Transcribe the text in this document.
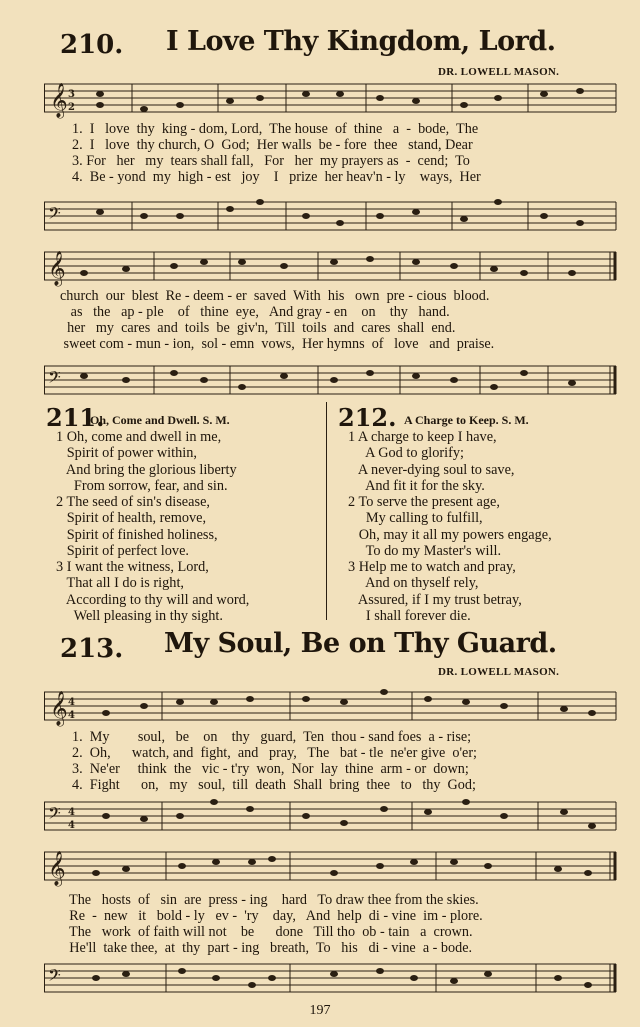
210. I Love Thy Kingdom, Lord.
DR. LOWELL MASON.
𝄞 3
2
1.  I   love  thy  king - dom, Lord,  The house  of  thine   a  -  bode,  The
2.  I   love  thy church, O  God;  Her walls  be - fore  thee   stand, Dear
3. For   her   my  tears shall fall,   For   her  my prayers as  -  cend;  To
4.  Be - yond  my  high - est   joy    I   prize  her heav'n - ly    ways,  Her
𝄢
𝄞
church  our  blest  Re - deem - er  saved  With  his   own  pre - cious  blood.
as   the   ap - ple    of   thine  eye,   And gray - en    on    thy   hand.
her   my  cares  and  toils  be  giv'n,  Till  toils  and  cares  shall  end.
sweet com - mun - ion,  sol - emn  vows,  Her hymns  of   love   and  praise.
𝄢
211.
Oh, Come and Dwell. S. M.
1 Oh, come and dwell in me,
Spirit of power within,
And bring the glorious liberty
From sorrow, fear, and sin.
2 The seed of sin's disease,
Spirit of health, remove,
Spirit of finished holiness,
Spirit of perfect love.
3 I want the witness, Lord,
That all I do is right,
According to thy will and word,
Well pleasing in thy sight.
212. A Charge to Keep. S. M.
1 A charge to keep I have,
A God to glorify;
A never-dying soul to save,
And fit it for the sky.
2 To serve the present age,
My calling to fulfill,
Oh, may it all my powers engage,
To do my Master's will.
3 Help me to watch and pray,
And on thyself rely,
Assured, if I my trust betray,
I shall forever die.
213. My Soul, Be on Thy Guard.
DR. LOWELL MASON.
𝄞 4
4
1.  My        soul,   be    on    thy   guard,  Ten  thou - sand foes  a - rise;
2.  Oh,      watch, and  fight,  and   pray,   The   bat - tle  ne'er give  o'er;
3.  Ne'er     think  the   vic - t'ry  won,  Nor  lay  thine  arm - or  down;
4.  Fight      on,   my   soul,  till  death  Shall  bring  thee   to   thy  God;
𝄢 4
4
𝄞
The   hosts  of   sin  are  press - ing    hard   To draw thee from the skies.
Re  -  new   it   bold - ly   ev -  'ry    day,   And  help  di - vine  im - plore.
The   work  of faith will not    be      done   Till tho  ob - tain   a  crown.
He'll  take thee,  at  thy  part - ing   breath,  To   his   di - vine  a - bode.
𝄢
197
